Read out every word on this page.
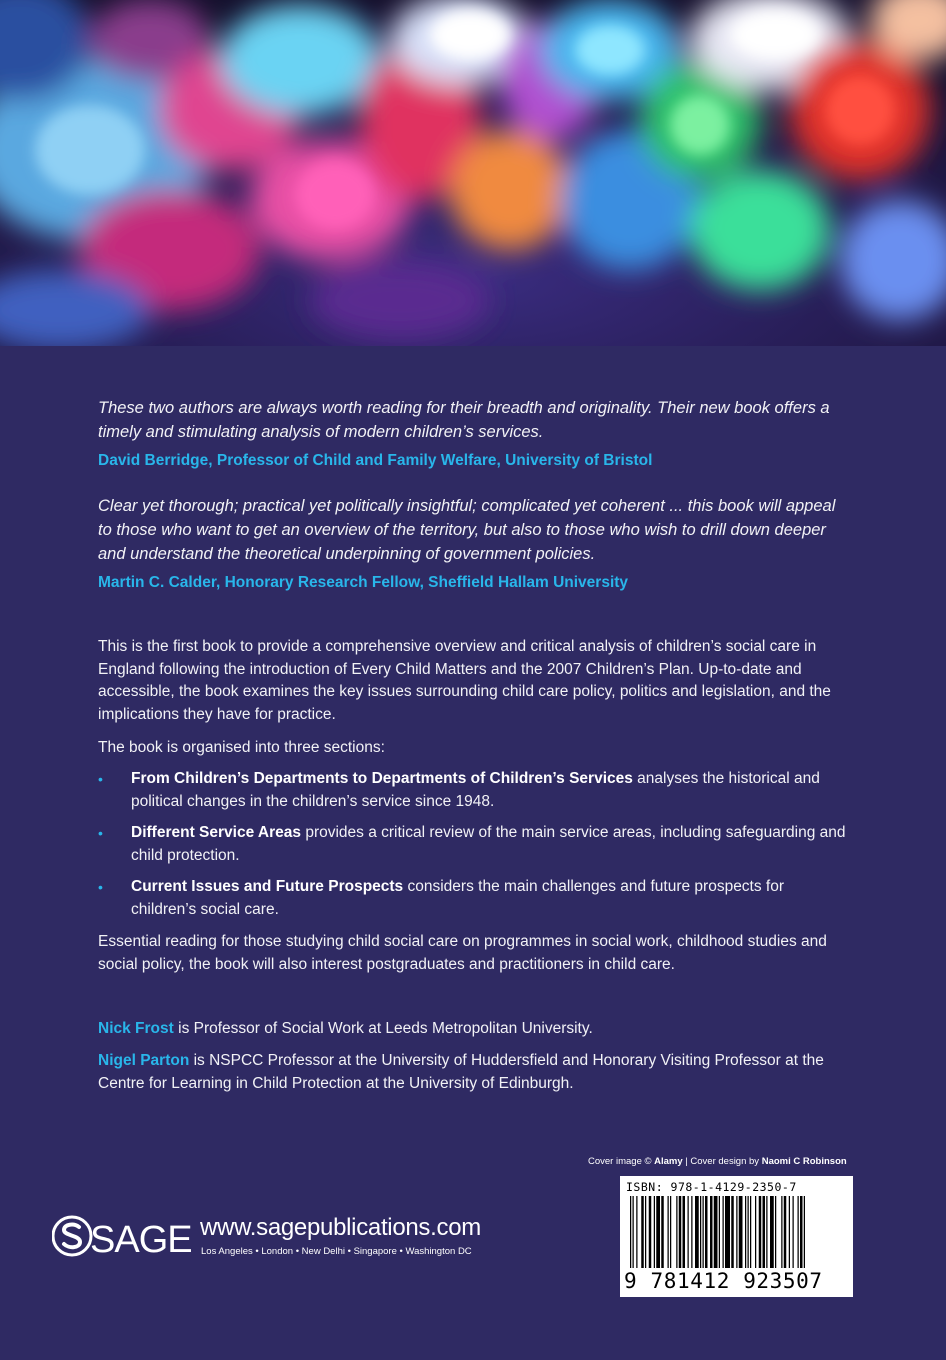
These two authors are always worth reading for their breadth and originality. Their new book offers a timely and stimulating analysis of modern children’s services.
David Berridge, Professor of Child and Family Welfare, University of Bristol
Clear yet thorough; practical yet politically insightful; complicated yet coherent ... this book will appeal to those who want to get an overview of the territory, but also to those who wish to drill down deeper and understand the theoretical underpinning of government policies.
Martin C. Calder, Honorary Research Fellow, Sheffield Hallam University
This is the first book to provide a comprehensive overview and critical analysis of children’s social care in England following the introduction of Every Child Matters and the 2007 Children’s Plan. Up-to-date and accessible, the book examines the key issues surrounding child care policy, politics and legislation, and the implications they have for practice.
The book is organised into three sections:
• From Children’s Departments to Departments of Children’s Services analyses the historical and political changes in the children’s service since 1948.
• Different Service Areas provides a critical review of the main service areas, including safeguarding and child protection.
• Current Issues and Future Prospects considers the main challenges and future prospects for children’s social care.
Essential reading for those studying child social care on programmes in social work, childhood studies and social policy, the book will also interest postgraduates and practitioners in child care.
Nick Frost is Professor of Social Work at Leeds Metropolitan University.
Nigel Parton is NSPCC Professor at the University of Huddersfield and Honorary Visiting Professor at the Centre for Learning in Child Protection at the University of Edinburgh.
Cover image © Alamy | Cover design by Naomi C Robinson
SAGE www.sagepublications.com
Los Angeles • London • New Delhi • Singapore • Washington DC
ISBN: 978-1-4129-2350-7
9 781412 923507
